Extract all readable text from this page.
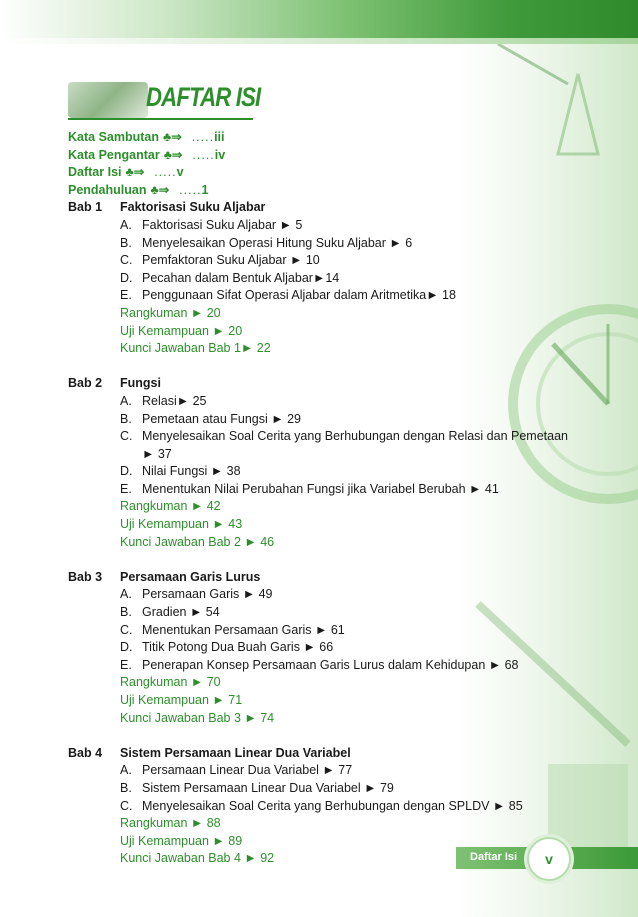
DAFTAR ISI
Kata Sambutan ♣⇒ ..... iii
Kata Pengantar ♣⇒ ..... iv
Daftar Isi ♣⇒ ..... v
Pendahuluan ♣⇒ ..... 1
Bab 1	Faktorisasi Suku Aljabar
A. Faktorisasi Suku Aljabar ► 5
B. Menyelesaikan Operasi Hitung Suku Aljabar ► 6
C. Pemfaktoran Suku Aljabar ► 10
D. Pecahan dalam Bentuk Aljabar►14
E. Penggunaan Sifat Operasi Aljabar dalam Aritmetika► 18
Rangkuman ► 20
Uji Kemampuan ► 20
Kunci Jawaban Bab 1► 22
Bab 2	Fungsi
A. Relasi► 25
B. Pemetaan atau Fungsi ► 29
C. Menyelesaikan Soal Cerita yang Berhubungan dengan Relasi dan Pemetaan ► 37
D. Nilai Fungsi ► 38
E. Menentukan Nilai Perubahan Fungsi jika Variabel Berubah ► 41
Rangkuman ► 42
Uji Kemampuan ► 43
Kunci Jawaban Bab 2 ► 46
Bab 3	Persamaan Garis Lurus
A. Persamaan Garis ► 49
B. Gradien ► 54
C. Menentukan Persamaan Garis ► 61
D. Titik Potong Dua Buah Garis ► 66
E. Penerapan Konsep Persamaan Garis Lurus dalam Kehidupan ► 68
Rangkuman ► 70
Uji Kemampuan ► 71
Kunci Jawaban Bab 3 ► 74
Bab 4	Sistem Persamaan Linear Dua Variabel
A. Persamaan Linear Dua Variabel ► 77
B. Sistem Persamaan Linear Dua Variabel ► 79
C. Menyelesaikan Soal Cerita yang Berhubungan dengan SPLDV ► 85
Rangkuman ► 88
Uji Kemampuan ► 89
Kunci Jawaban Bab 4 ► 92	Daftar Isi v
